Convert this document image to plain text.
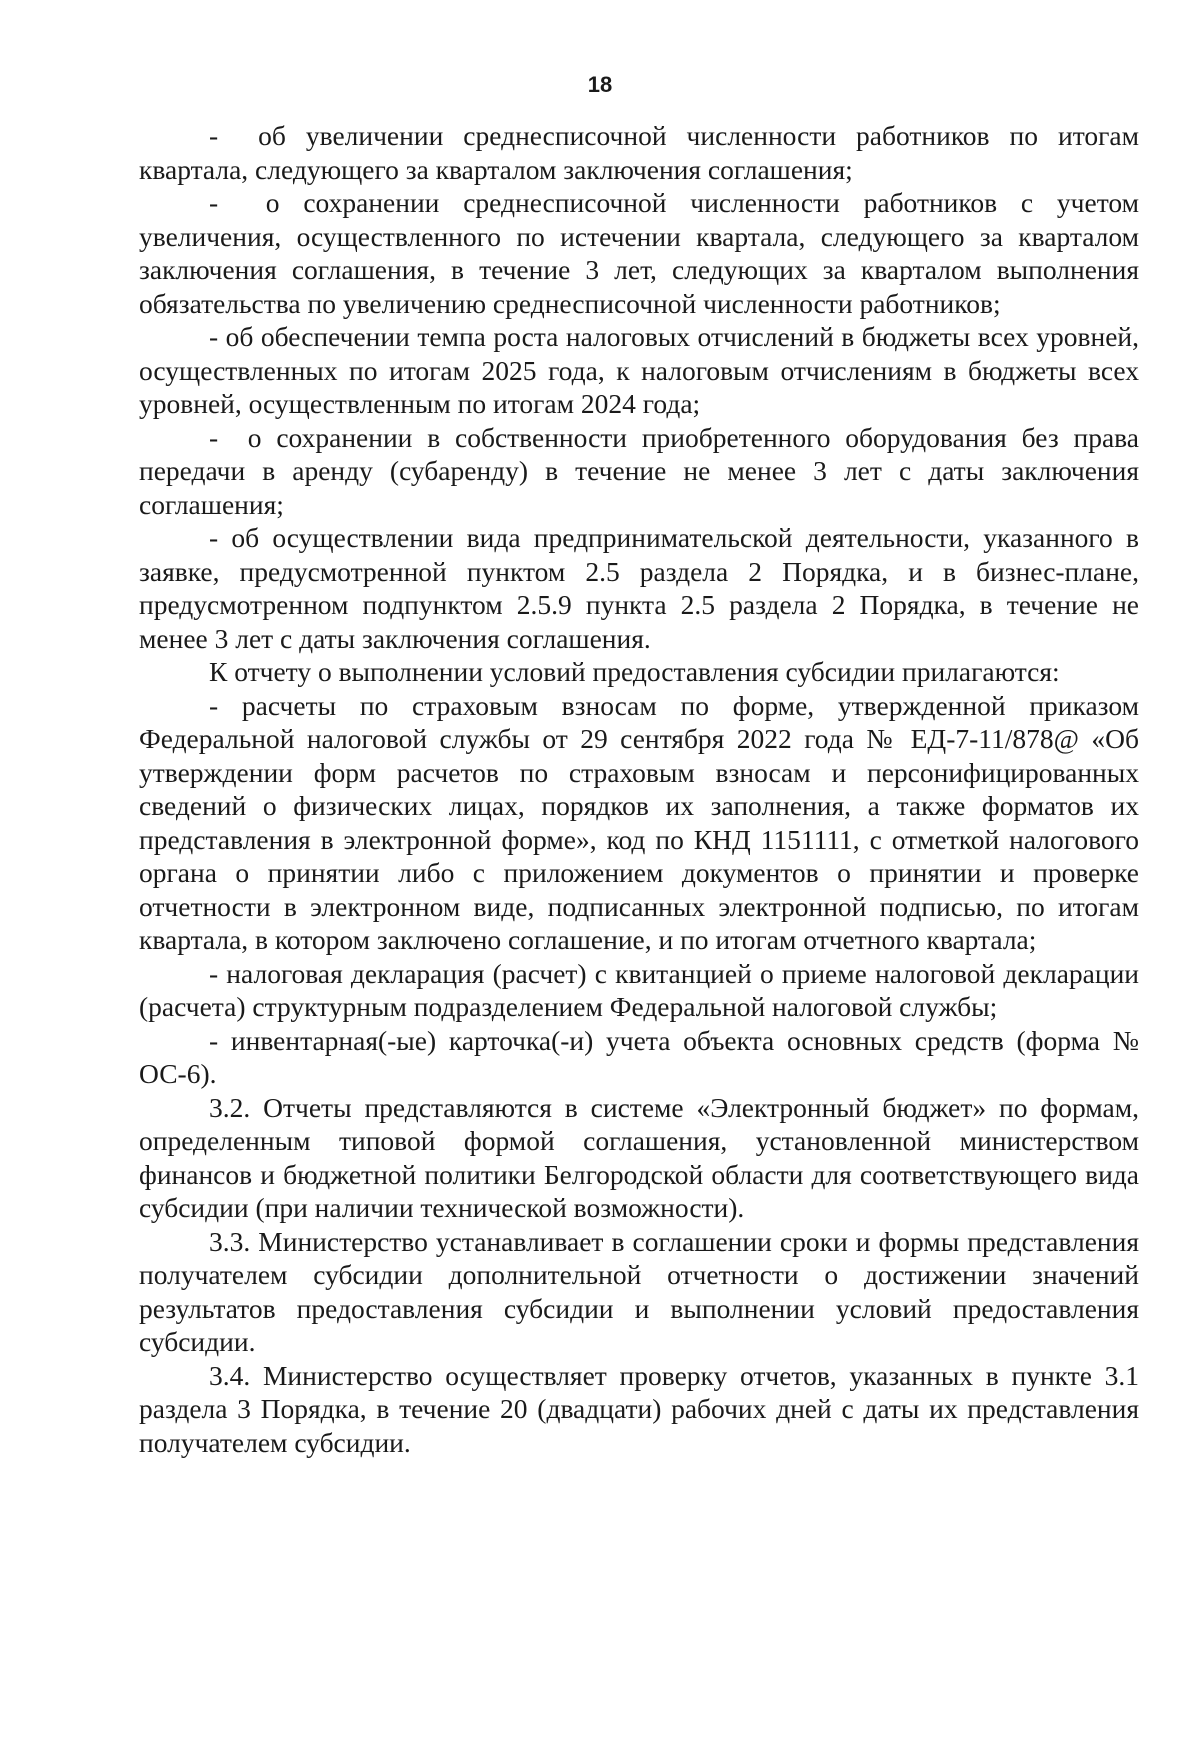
18

-  об увеличении среднесписочной численности работников по итогам квартала, следующего за кварталом заключения соглашения;

-  о сохранении среднесписочной численности работников с учетом увеличения, осуществленного по истечении квартала, следующего за кварталом заключения соглашения, в течение 3 лет, следующих за кварталом выполнения обязательства по увеличению среднесписочной численности работников;

- об обеспечении темпа роста налоговых отчислений в бюджеты всех уровней, осуществленных по итогам 2025 года, к налоговым отчислениям в бюджеты всех уровней, осуществленным по итогам 2024 года;

-  о сохранении в собственности приобретенного оборудования без права передачи в аренду (субаренду) в течение не менее 3 лет с даты заключения соглашения;

- об осуществлении вида предпринимательской деятельности, указанного в заявке, предусмотренной пунктом 2.5 раздела 2 Порядка, и в бизнес-плане, предусмотренном подпунктом 2.5.9 пункта 2.5 раздела 2 Порядка, в течение не менее 3 лет с даты заключения соглашения.

К отчету о выполнении условий предоставления субсидии прилагаются:

- расчеты по страховым взносам по форме, утвержденной приказом Федеральной налоговой службы от 29 сентября 2022 года № ЕД-7-11/878@ «Об утверждении форм расчетов по страховым взносам и персонифицированных сведений о физических лицах, порядков их заполнения, а также форматов их представления в электронной форме», код по КНД 1151111, с отметкой налогового органа о принятии либо с приложением документов о принятии и проверке отчетности в электронном виде, подписанных электронной подписью, по итогам квартала, в котором заключено соглашение, и по итогам отчетного квартала;

- налоговая декларация (расчет) с квитанцией о приеме налоговой декларации (расчета) структурным подразделением Федеральной налоговой службы;

- инвентарная(-ые) карточка(-и) учета объекта основных средств (форма № ОС-6).

3.2. Отчеты представляются в системе «Электронный бюджет» по формам, определенным типовой формой соглашения, установленной министерством финансов и бюджетной политики Белгородской области для соответствующего вида субсидии (при наличии технической возможности).

3.3. Министерство устанавливает в соглашении сроки и формы представления получателем субсидии дополнительной отчетности о достижении значений результатов предоставления субсидии и выполнении условий предоставления субсидии.

3.4. Министерство осуществляет проверку отчетов, указанных в пункте 3.1 раздела 3 Порядка, в течение 20 (двадцати) рабочих дней с даты их представления получателем субсидии.
